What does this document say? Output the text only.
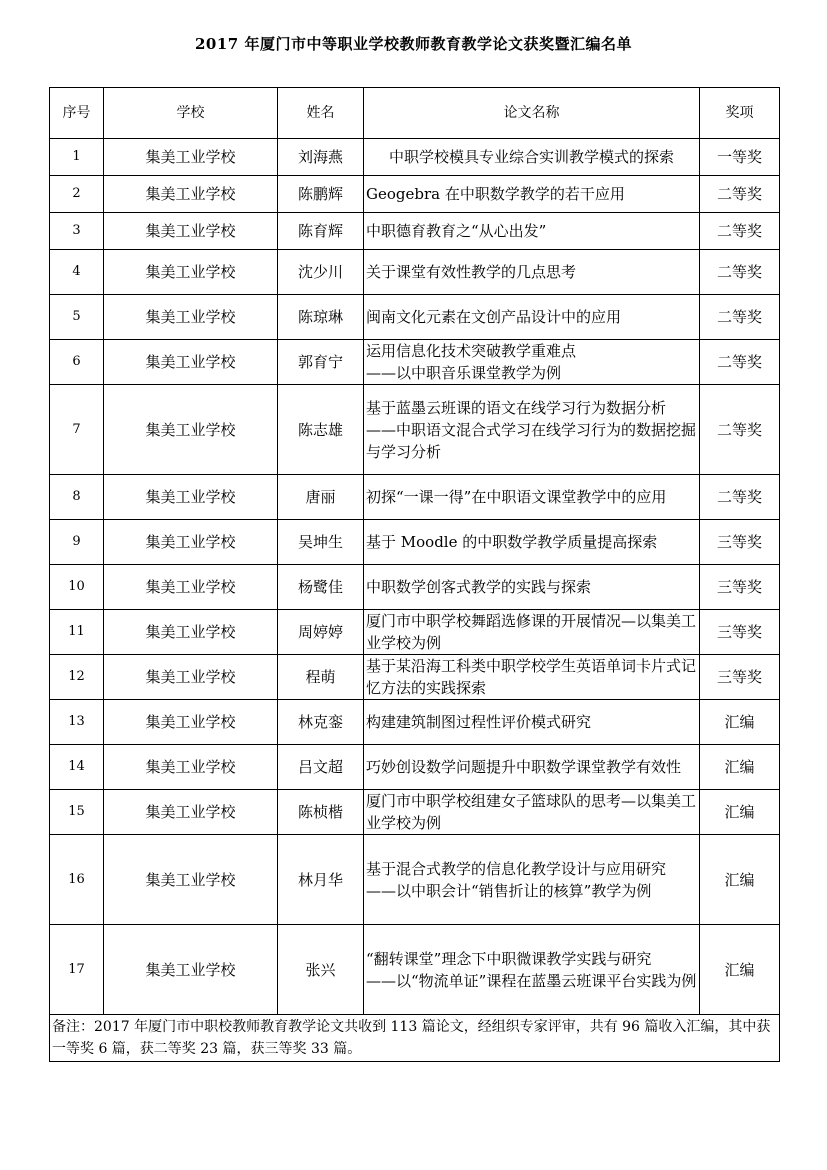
2017 年厦门市中等职业学校教师教育教学论文获奖暨汇编名单
序号	学校	姓名	论文名称	奖项
1	集美工业学校	刘海燕	中职学校模具专业综合实训教学模式的探索	一等奖
2	集美工业学校	陈鹏辉	Geogebra 在中职数学教学的若干应用	二等奖
3	集美工业学校	陈育辉	中职德育教育之“从心出发”	二等奖
4	集美工业学校	沈少川	关于课堂有效性教学的几点思考	二等奖
5	集美工业学校	陈琼琳	闽南文化元素在文创产品设计中的应用	二等奖
6	集美工业学校	郭育宁	运用信息化技术突破教学重难点
——以中职音乐课堂教学为例	二等奖
7	集美工业学校	陈志雄	基于蓝墨云班课的语文在线学习行为数据分析
——中职语文混合式学习在线学习行为的数据挖掘与学习分析	二等奖
8	集美工业学校	唐丽	初探“一课一得”在中职语文课堂教学中的应用	二等奖
9	集美工业学校	吴坤生	基于 Moodle 的中职数学教学质量提高探索	三等奖
10	集美工业学校	杨鹭佳	中职数学创客式教学的实践与探索	三等奖
11	集美工业学校	周婷婷	厦门市中职学校舞蹈选修课的开展情况—以集美工业学校为例	三等奖
12	集美工业学校	程萌	基于某沿海工科类中职学校学生英语单词卡片式记忆方法的实践探索	三等奖
13	集美工业学校	林克銮	构建建筑制图过程性评价模式研究	汇编
14	集美工业学校	吕文超	巧妙创设数学问题提升中职数学课堂教学有效性	汇编
15	集美工业学校	陈桢楷	厦门市中职学校组建女子篮球队的思考—以集美工业学校为例	汇编
16	集美工业学校	林月华	基于混合式教学的信息化教学设计与应用研究
——以中职会计“销售折让的核算”教学为例	汇编
17	集美工业学校	张兴	“翻转课堂”理念下中职微课教学实践与研究
——以“物流单证”课程在蓝墨云班课平台实践为例	汇编
备注：2017 年厦门市中职校教师教育教学论文共收到 113 篇论文，经组织专家评审，共有 96 篇收入汇编，其中获一等奖 6 篇，获二等奖 23 篇，获三等奖 33 篇。				
